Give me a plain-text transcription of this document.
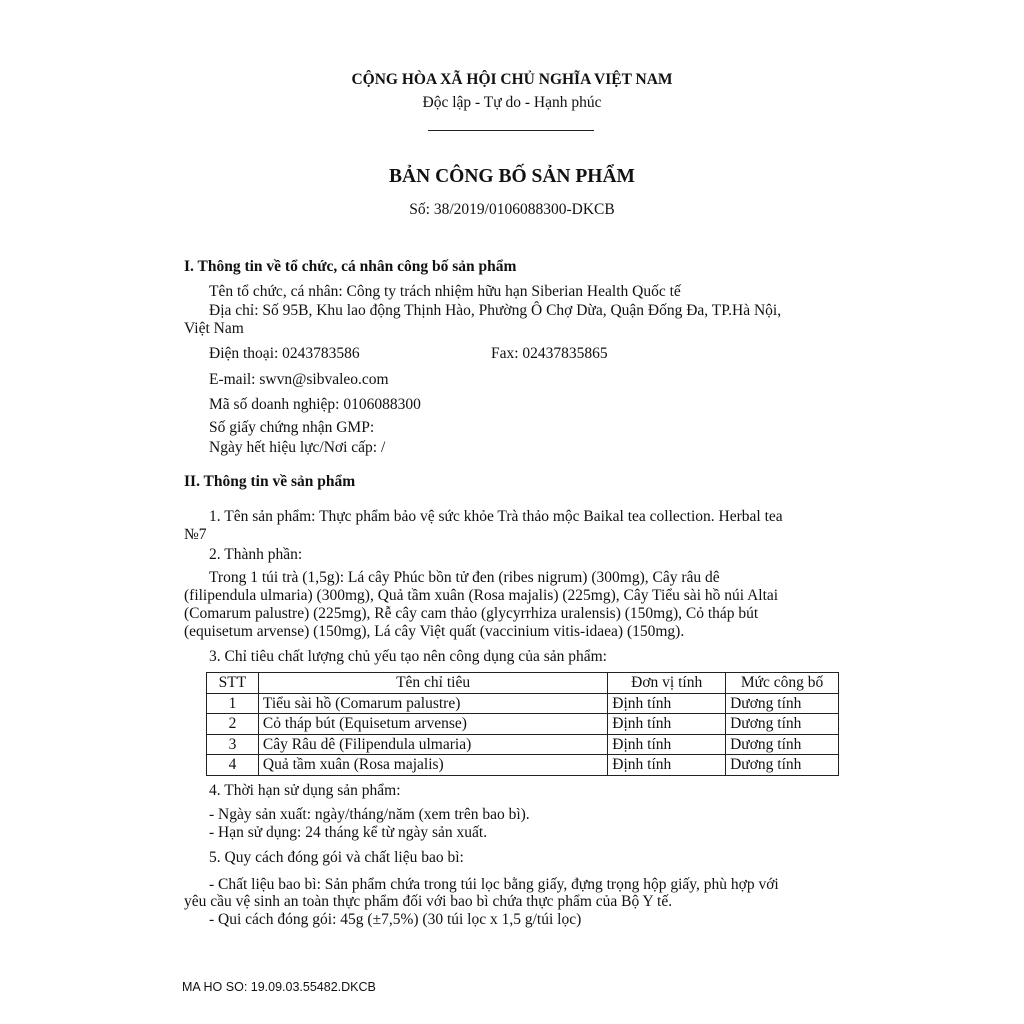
CỘNG HÒA XÃ HỘI CHỦ NGHĨA VIỆT NAM
Độc lập - Tự do - Hạnh phúc
BẢN CÔNG BỐ SẢN PHẨM
Số: 38/2019/0106088300-DKCB
I. Thông tin về tổ chức, cá nhân công bố sản phẩm
Tên tổ chức, cá nhân: Công ty trách nhiệm hữu hạn Siberian Health Quốc tế
Địa chỉ: Số 95B, Khu lao động Thịnh Hào, Phường Ô Chợ Dừa, Quận Đống Đa, TP.Hà Nội,
Việt Nam
Điện thoại: 0243783586	Fax: 02437835865
E-mail: swvn@sibvaleo.com
Mã số doanh nghiệp: 0106088300
Số giấy chứng nhận GMP:
Ngày hết hiệu lực/Nơi cấp: /
II. Thông tin về sản phẩm
1. Tên sản phẩm: Thực phẩm bảo vệ sức khỏe Trà thảo mộc Baikal tea collection. Herbal tea
№7
2. Thành phần:
Trong 1 túi trà (1,5g): Lá cây Phúc bồn tử đen (ribes nigrum) (300mg), Cây râu dê
(filipendula ulmaria) (300mg), Quả tầm xuân (Rosa majalis) (225mg), Cây Tiểu sài hồ núi Altai
(Comarum palustre) (225mg), Rễ cây cam thảo (glycyrrhiza uralensis) (150mg), Cỏ tháp bút
(equisetum arvense) (150mg), Lá cây Việt quất (vaccinium vitis-idaea) (150mg).
3. Chỉ tiêu chất lượng chủ yếu tạo nên công dụng của sản phẩm:
STT	Tên chỉ tiêu	Đơn vị tính	Mức công bố
1	Tiểu sài hồ (Comarum palustre)	Định tính	Dương tính
2	Cỏ tháp bút (Equisetum arvense)	Định tính	Dương tính
3	Cây Râu dê (Filipendula ulmaria)	Định tính	Dương tính
4	Quả tầm xuân (Rosa majalis)	Định tính	Dương tính
4. Thời hạn sử dụng sản phẩm:
- Ngày sản xuất: ngày/tháng/năm (xem trên bao bì).
- Hạn sử dụng: 24 tháng kể từ ngày sản xuất.
5. Quy cách đóng gói và chất liệu bao bì:
- Chất liệu bao bì: Sản phẩm chứa trong túi lọc bằng giấy, đựng trọng hộp giấy, phù hợp với
yêu cầu vệ sinh an toàn thực phẩm đối với bao bì chứa thực phẩm của Bộ Y tế.
- Qui cách đóng gói: 45g (±7,5%) (30 túi lọc x 1,5 g/túi lọc)
MA HO SO: 19.09.03.55482.DKCB
